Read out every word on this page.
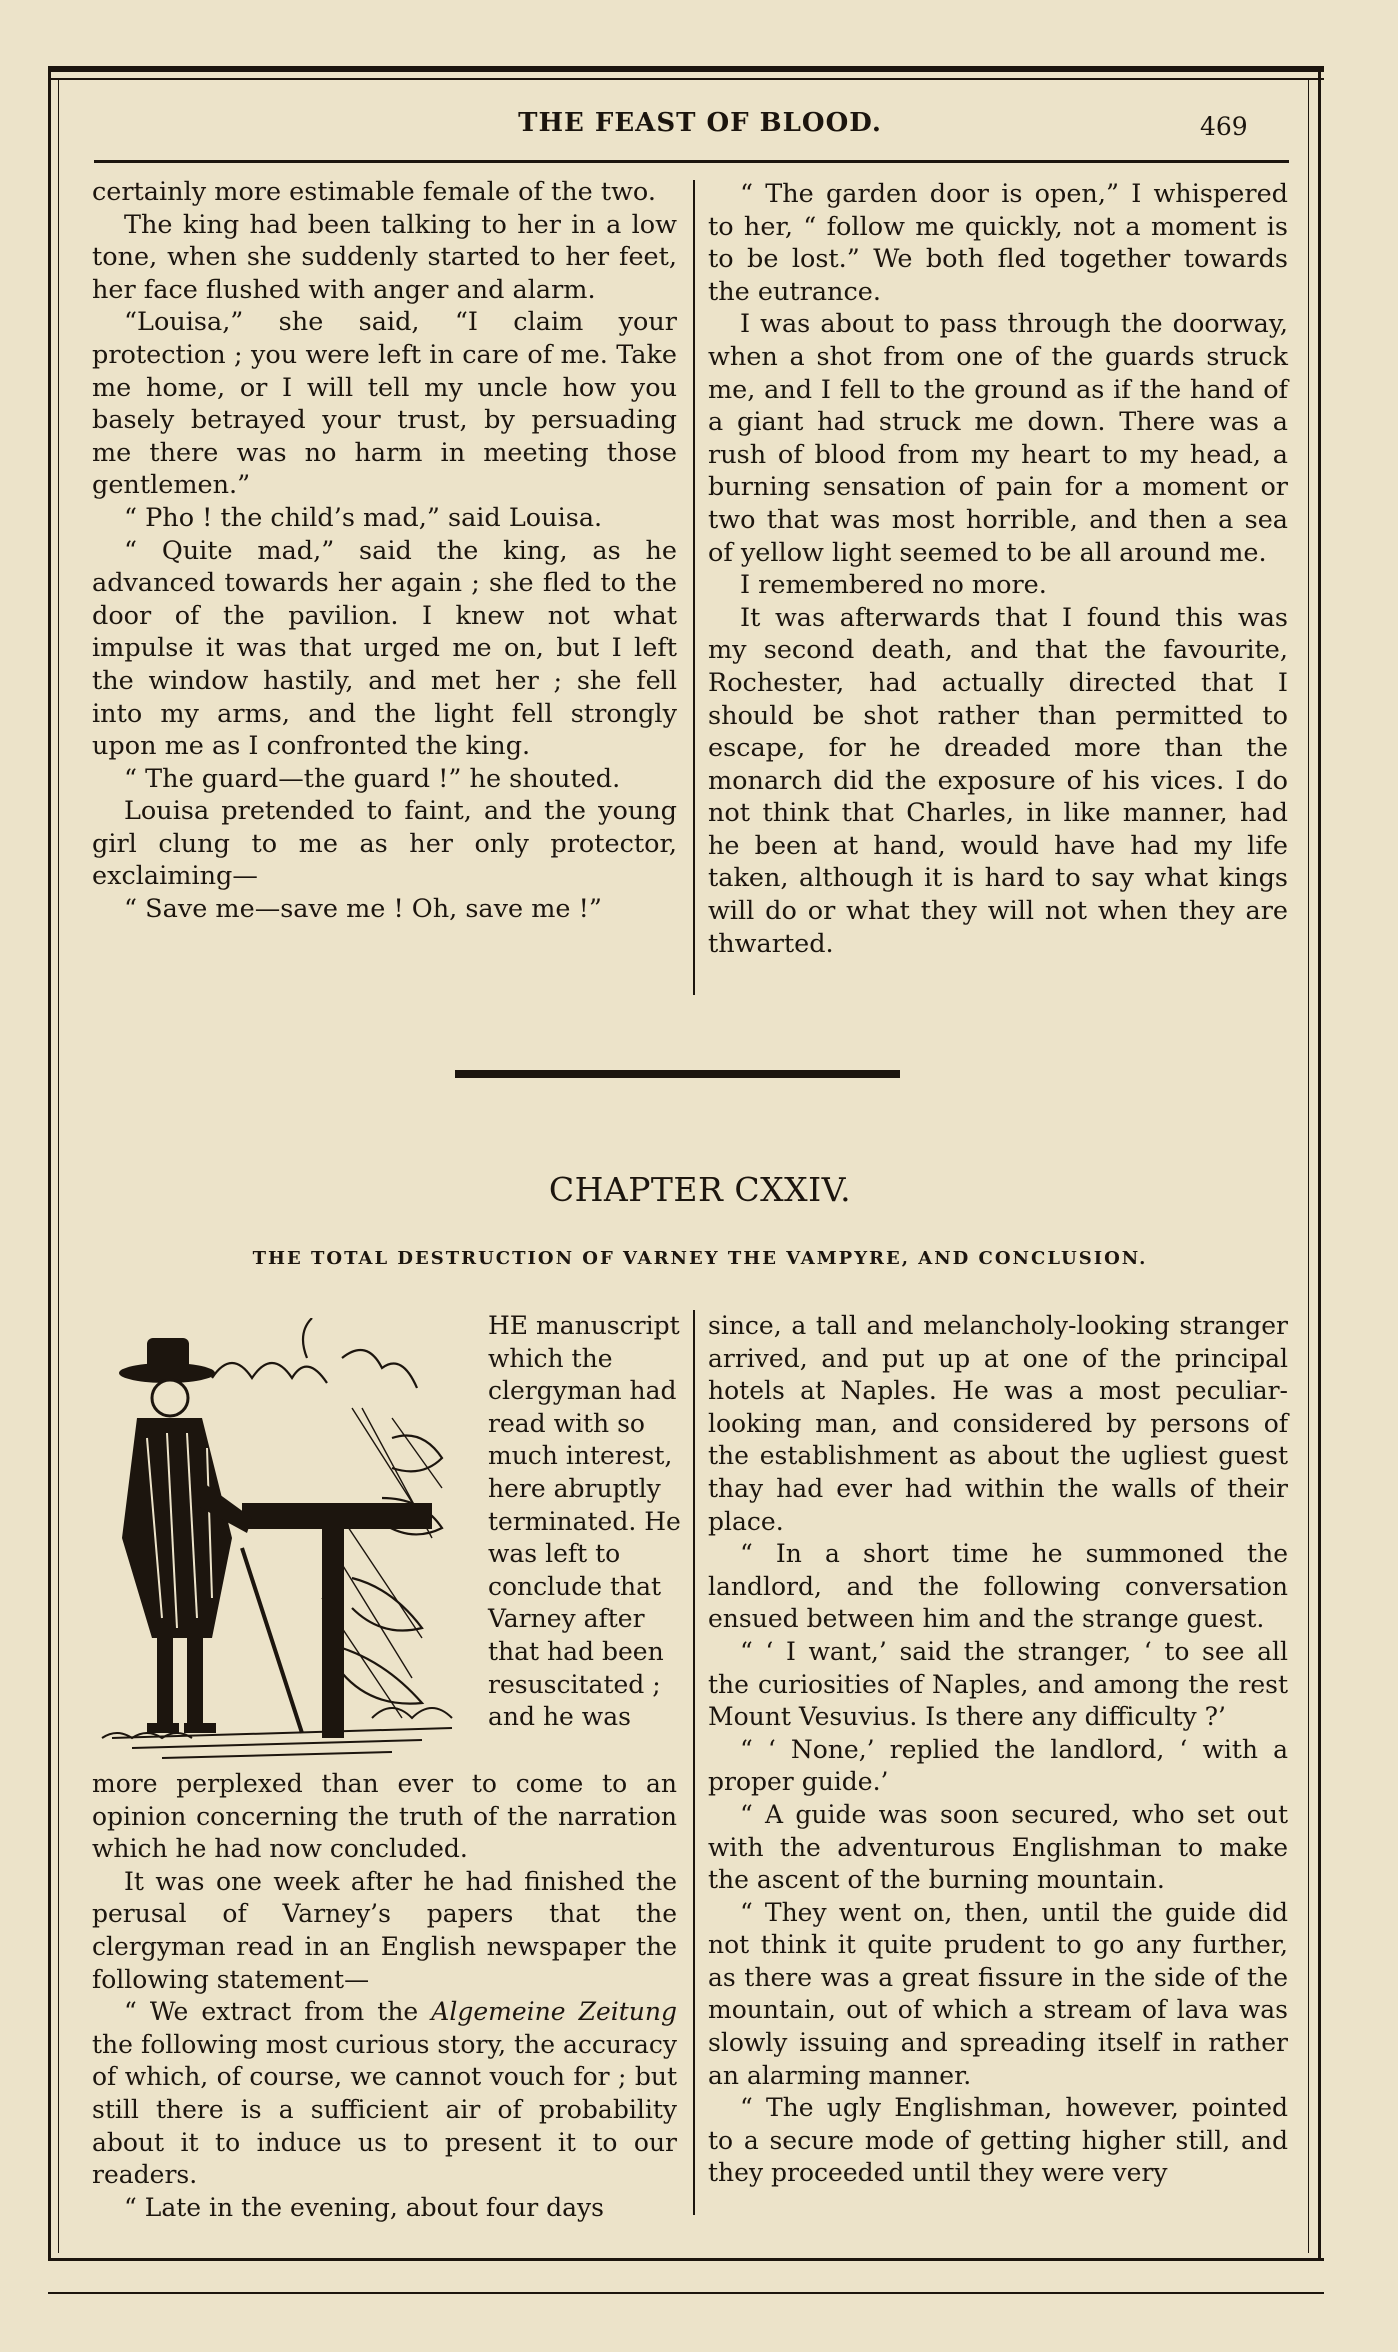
THE FEAST OF BLOOD.	469

certainly more estimable female of the two.

The king had been talking to her in a low tone, when she suddenly started to her feet, her face flushed with anger and alarm.

“Louisa,” she said, “I claim your protection ; you were left in care of me. Take me home, or I will tell my uncle how you basely betrayed your trust, by persuading me there was no harm in meeting those gentlemen.”

“ Pho ! the child’s mad,” said Louisa.

“ Quite mad,” said the king, as he advanced towards her again ; she fled to the door of the pavilion. I knew not what impulse it was that urged me on, but I left the window hastily, and met her ; she fell into my arms, and the light fell strongly upon me as I confronted the king.

“ The guard—the guard !” he shouted.

Louisa pretended to faint, and the young girl clung to me as her only protector, exclaiming—

“ Save me—save me ! Oh, save me !”

“ The garden door is open,” I whispered to her, “ follow me quickly, not a moment is to be lost.” We both fled together towards the eutrance.

I was about to pass through the doorway, when a shot from one of the guards struck me, and I fell to the ground as if the hand of a giant had struck me down. There was a rush of blood from my heart to my head, a burning sensation of pain for a moment or two that was most horrible, and then a sea of yellow light seemed to be all around me.

I remembered no more.

It was afterwards that I found this was my second death, and that the favourite, Rochester, had actually directed that I should be shot rather than permitted to escape, for he dreaded more than the monarch did the exposure of his vices. I do not think that Charles, in like manner, had he been at hand, would have had my life taken, although it is hard to say what kings will do or what they will not when they are thwarted.

CHAPTER CXXIV.
THE TOTAL DESTRUCTION OF VARNEY THE VAMPYRE, AND CONCLUSION.

HE manuscript which the clergyman had read with so much interest, here abruptly terminated. He was left to conclude that Varney after that had been resuscitated ; and he was

more perplexed than ever to come to an opinion concerning the truth of the narration which he had now concluded.

It was one week after he had finished the perusal of Varney’s papers that the clergyman read in an English newspaper the following statement—

“ We extract from the Algemeine Zeitung the following most curious story, the accuracy of which, of course, we cannot vouch for ; but still there is a sufficient air of probability about it to induce us to present it to our readers.

“ Late in the evening, about four days

since, a tall and melancholy-looking stranger arrived, and put up at one of the principal hotels at Naples. He was a most peculiar-looking man, and considered by persons of the establishment as about the ugliest guest thay had ever had within the walls of their place.

“ In a short time he summoned the landlord, and the following conversation ensued between him and the strange guest.

“ ‘ I want,’ said the stranger, ‘ to see all the curiosities of Naples, and among the rest Mount Vesuvius. Is there any difficulty ?’

“ ‘ None,’ replied the landlord, ‘ with a proper guide.’

“ A guide was soon secured, who set out with the adventurous Englishman to make the ascent of the burning mountain.

“ They went on, then, until the guide did not think it quite prudent to go any further, as there was a great fissure in the side of the mountain, out of which a stream of lava was slowly issuing and spreading itself in rather an alarming manner.

“ The ugly Englishman, however, pointed to a secure mode of getting higher still, and they proceeded until they were very
